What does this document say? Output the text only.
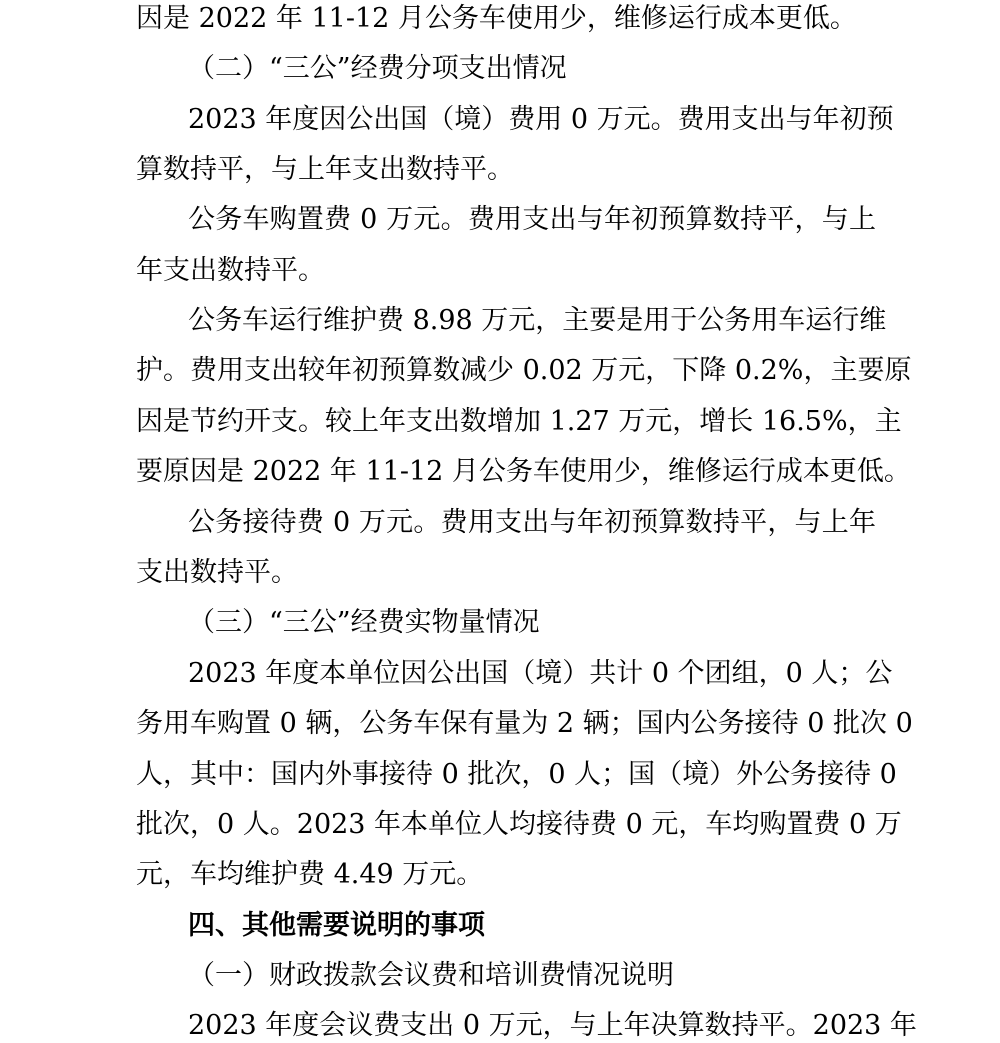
因是 2022 年 11-12 月公务车使用少，维修运行成本更低。
（二）“三公”经费分项支出情况
2023 年度因公出国（境）费用 0 万元。费用支出与年初预
算数持平，与上年支出数持平。
公务车购置费 0 万元。费用支出与年初预算数持平，与上
年支出数持平。
公务车运行维护费 8.98 万元，主要是用于公务用车运行维
护。费用支出较年初预算数减少 0.02 万元，下降 0.2%，主要原
因是节约开支。较上年支出数增加 1.27 万元，增长 16.5%，主
要原因是 2022 年 11-12 月公务车使用少，维修运行成本更低。
公务接待费 0 万元。费用支出与年初预算数持平，与上年
支出数持平。
（三）“三公”经费实物量情况
2023 年度本单位因公出国（境）共计 0 个团组，0 人；公
务用车购置 0 辆，公务车保有量为 2 辆；国内公务接待 0 批次 0
人，其中：国内外事接待 0 批次，0 人；国（境）外公务接待 0
批次，0 人。2023 年本单位人均接待费 0 元，车均购置费 0 万
元，车均维护费 4.49 万元。
四、其他需要说明的事项
（一）财政拨款会议费和培训费情况说明
2023 年度会议费支出 0 万元，与上年决算数持平。2023 年
